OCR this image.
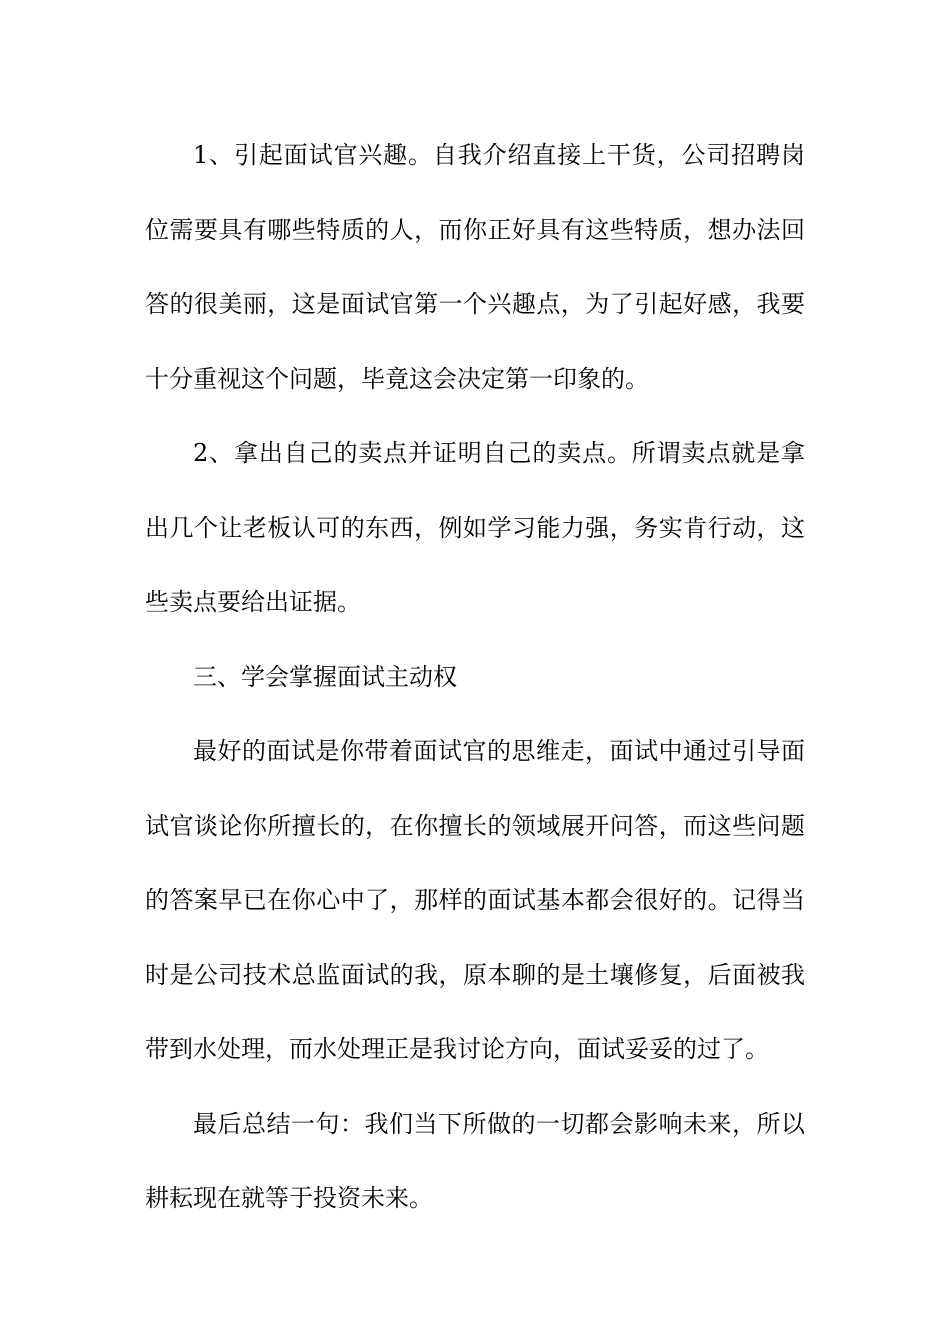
1、引起面试官兴趣。自我介绍直接上干货，公司招聘岗位需要具有哪些特质的人，而你正好具有这些特质，想办法回答的很美丽，这是面试官第一个兴趣点，为了引起好感，我要十分重视这个问题，毕竟这会决定第一印象的。

2、拿出自己的卖点并证明自己的卖点。所谓卖点就是拿出几个让老板认可的东西，例如学习能力强，务实肯行动，这些卖点要给出证据。

三、学会掌握面试主动权

最好的面试是你带着面试官的思维走，面试中通过引导面试官谈论你所擅长的，在你擅长的领域展开问答，而这些问题的答案早已在你心中了，那样的面试基本都会很好的。记得当时是公司技术总监面试的我，原本聊的是土壤修复，后面被我带到水处理，而水处理正是我讨论方向，面试妥妥的过了。

最后总结一句：我们当下所做的一切都会影响未来，所以耕耘现在就等于投资未来。
